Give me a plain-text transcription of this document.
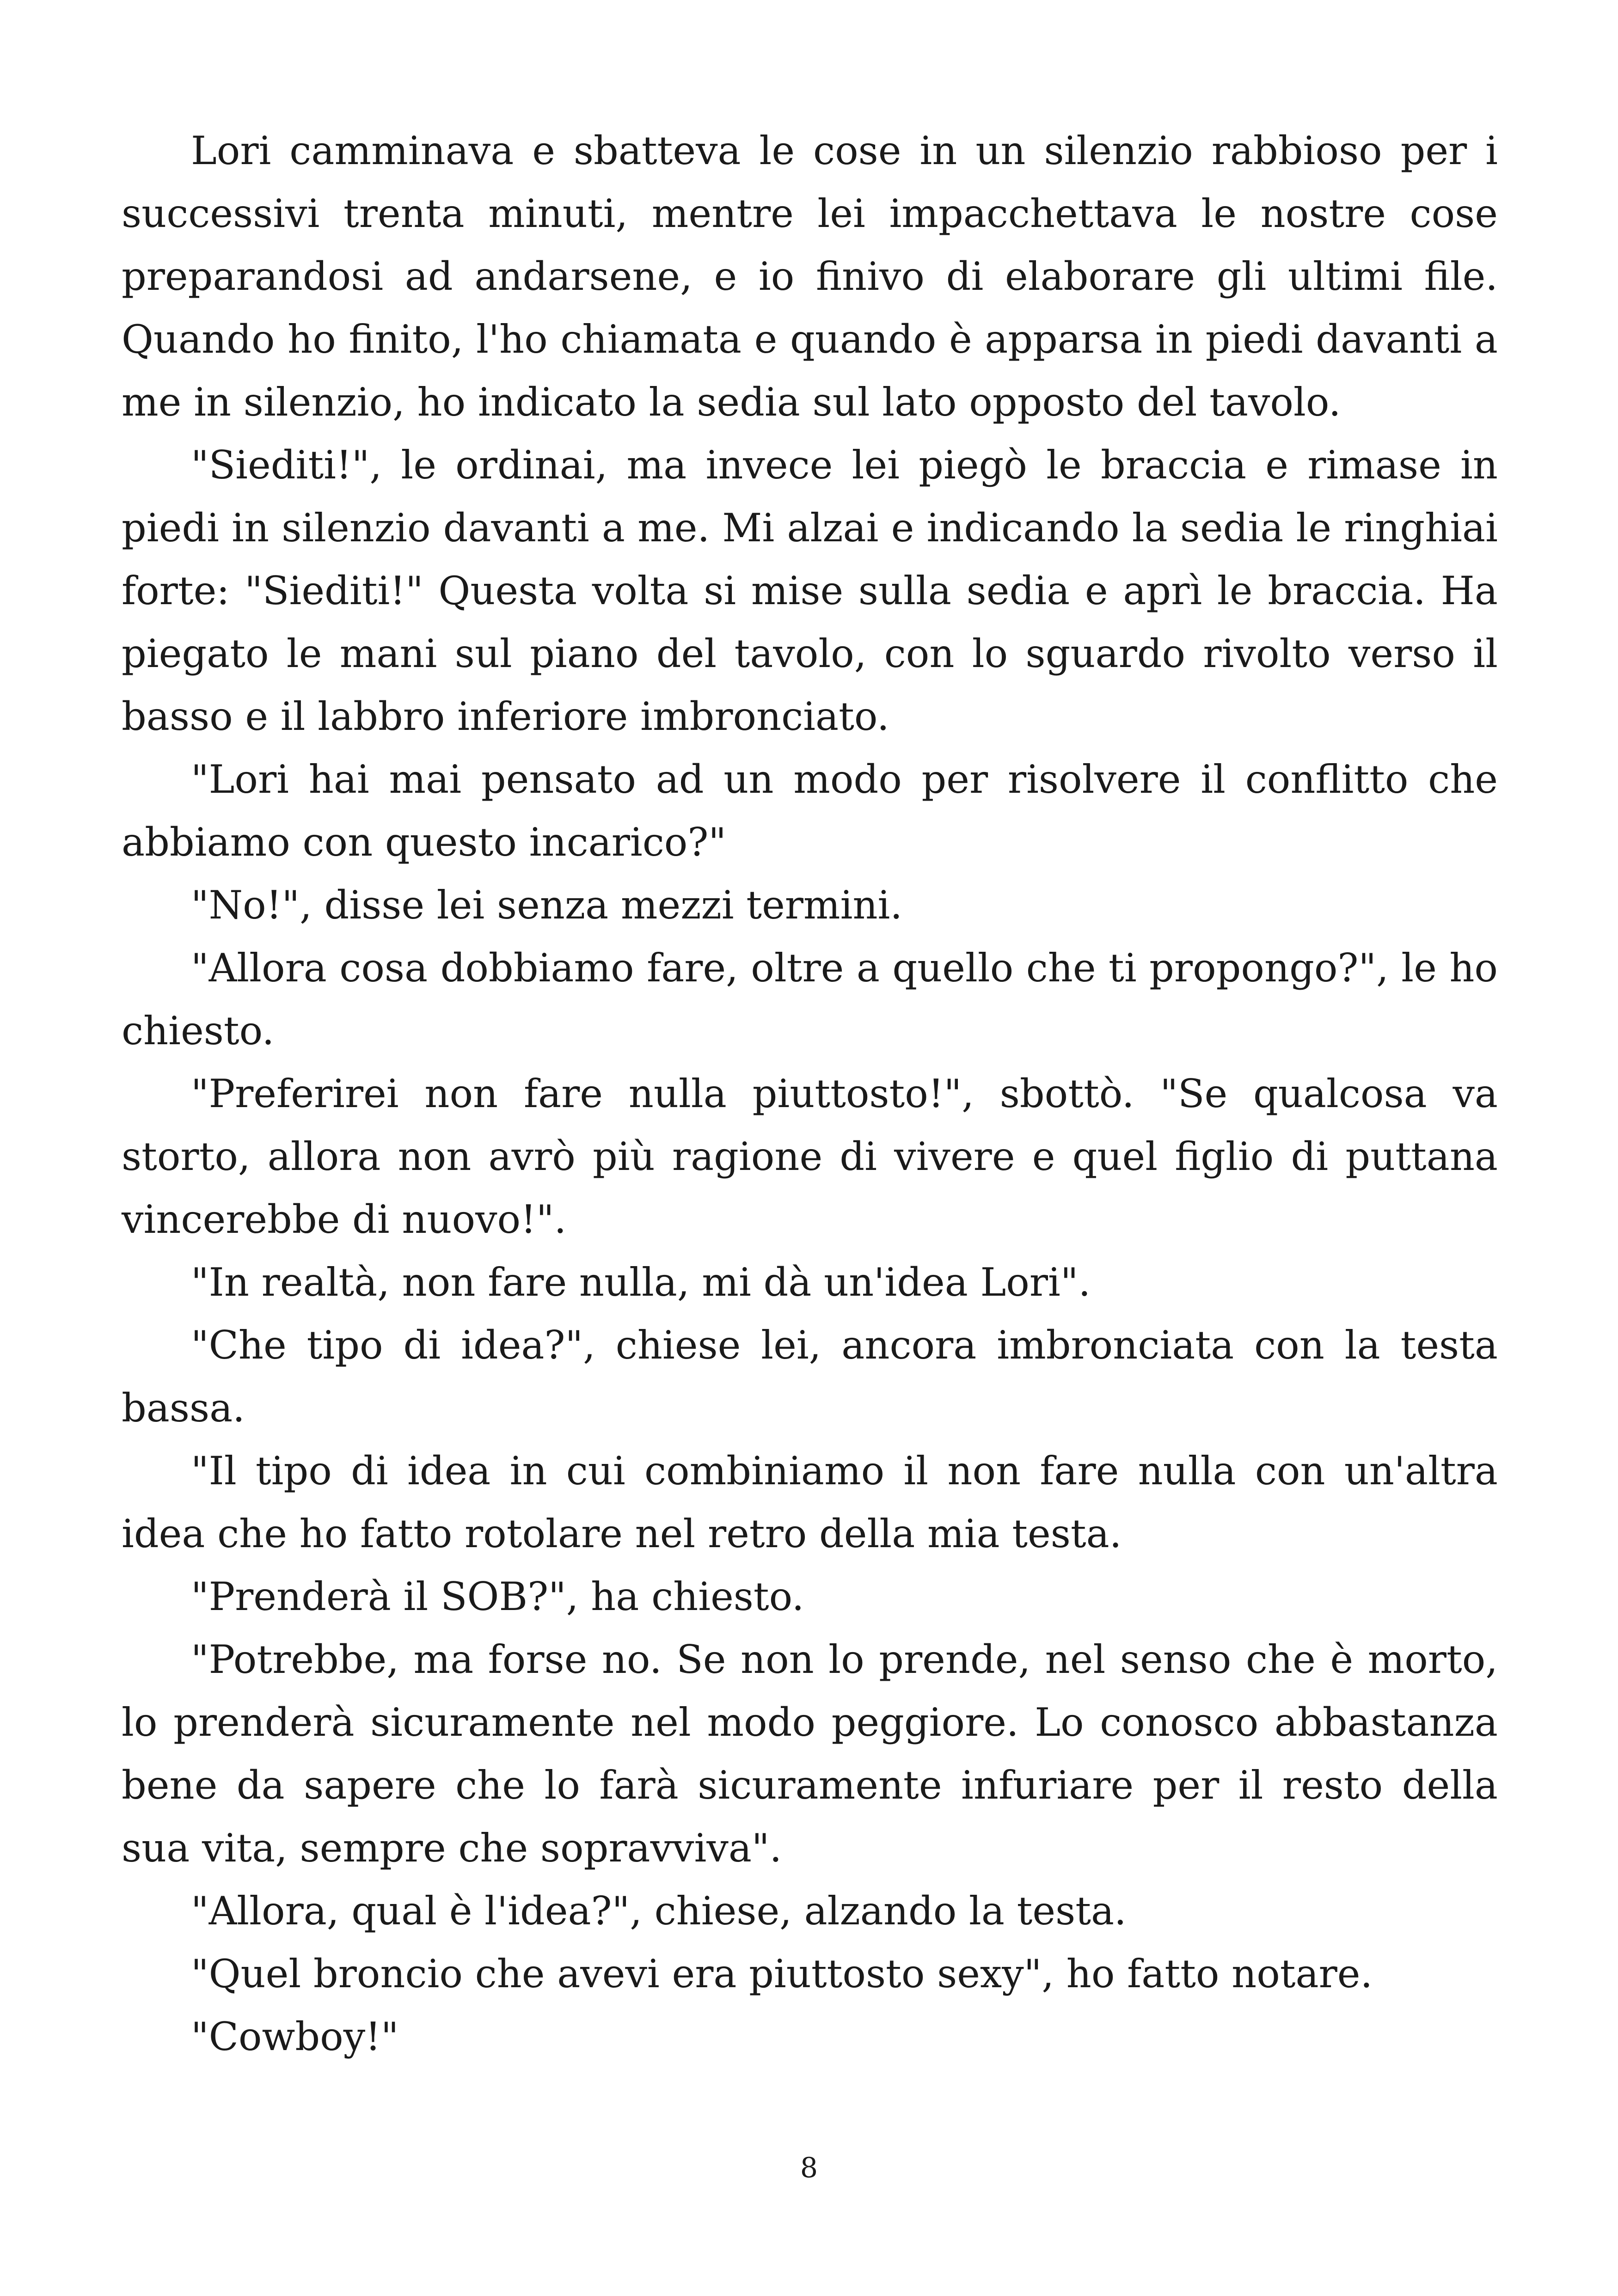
Lori camminava e sbatteva le cose in un silenzio rabbioso per i successivi trenta minuti, mentre lei impacchettava le nostre cose preparandosi ad andarsene, e io finivo di elaborare gli ultimi file. Quando ho finito, l'ho chiamata e quando è apparsa in piedi davanti a me in silenzio, ho indicato la sedia sul lato opposto del tavolo.

"Siediti!", le ordinai, ma invece lei piegò le braccia e rimase in piedi in silenzio davanti a me. Mi alzai e indicando la sedia le ringhiai forte: "Siediti!" Questa volta si mise sulla sedia e aprì le braccia. Ha piegato le mani sul piano del tavolo, con lo sguardo rivolto verso il basso e il labbro inferiore imbronciato.

"Lori hai mai pensato ad un modo per risolvere il conflitto che abbiamo con questo incarico?"

"No!", disse lei senza mezzi termini.

"Allora cosa dobbiamo fare, oltre a quello che ti propongo?", le ho chiesto.

"Preferirei non fare nulla piuttosto!", sbottò. "Se qualcosa va storto, allora non avrò più ragione di vivere e quel figlio di puttana vincerebbe di nuovo!".

"In realtà, non fare nulla, mi dà un'idea Lori".

"Che tipo di idea?", chiese lei, ancora imbronciata con la testa bassa.

"Il tipo di idea in cui combiniamo il non fare nulla con un'altra idea che ho fatto rotolare nel retro della mia testa.

"Prenderà il SOB?", ha chiesto.

"Potrebbe, ma forse no. Se non lo prende, nel senso che è morto, lo prenderà sicuramente nel modo peggiore. Lo conosco abbastanza bene da sapere che lo farà sicuramente infuriare per il resto della sua vita, sempre che sopravviva".

"Allora, qual è l'idea?", chiese, alzando la testa.

"Quel broncio che avevi era piuttosto sexy", ho fatto notare.

"Cowboy!"

8
